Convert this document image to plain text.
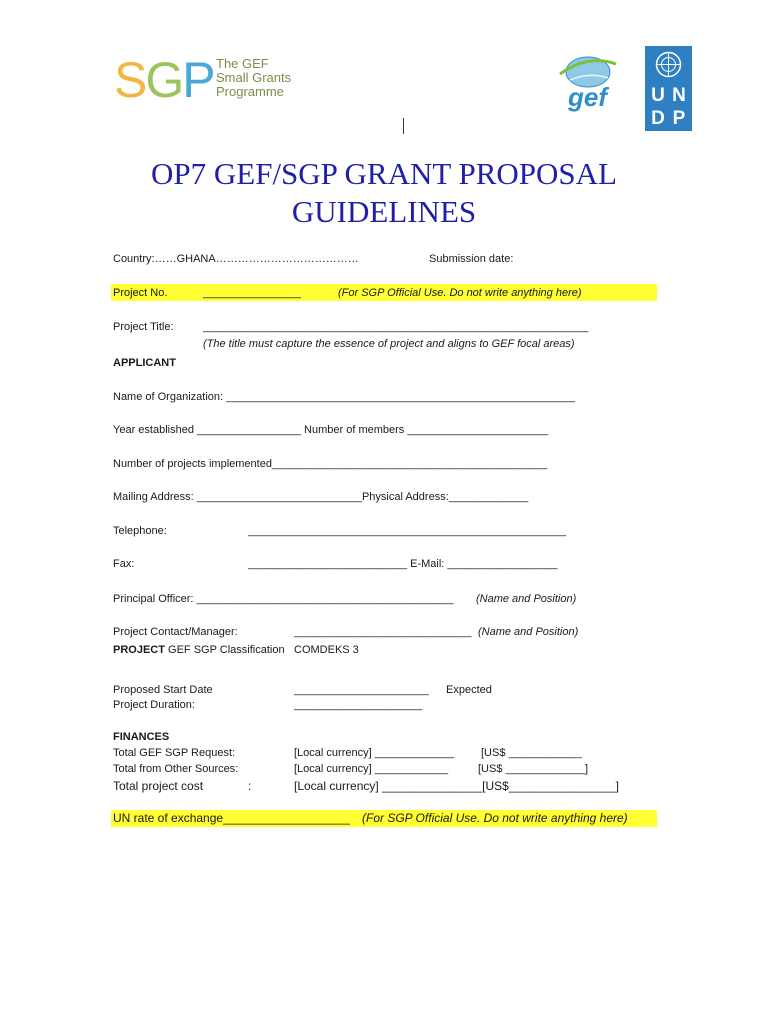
SGP The GEF
Small Grants
Programme	gef U N
D P
OP7 GEF/SGP GRANT PROPOSAL
GUIDELINES
Country:……GHANA…………………………………	Submission date:
Project No.	________________	(For SGP Official Use. Do not write anything here)
Project Title:	_______________________________________________________________
(The title must capture the essence of project and aligns to GEF focal areas)
APPLICANT
Name of Organization: _________________________________________________________
Year established _________________ Number of members _______________________
Number of projects implemented_____________________________________________
Mailing Address: ___________________________Physical Address:_____________
Telephone:	____________________________________________________
Fax:	__________________________ E-Mail: __________________
Principal Officer: __________________________________________ (Name and Position)
Project Contact/Manager:	_____________________________ (Name and Position)
PROJECT GEF SGP Classification COMDEKS 3
Proposed Start Date	______________________ Expected
Project Duration:	_____________________
FINANCES
Total GEF SGP Request:	[Local currency] _____________ [US$ ____________
Total from Other Sources:	[Local currency] ____________	[US$ _____________]
Total project cost	:	[Local currency] _______________[US$________________]
UN rate of exchange___________________ (For SGP Official Use. Do not write anything here)
